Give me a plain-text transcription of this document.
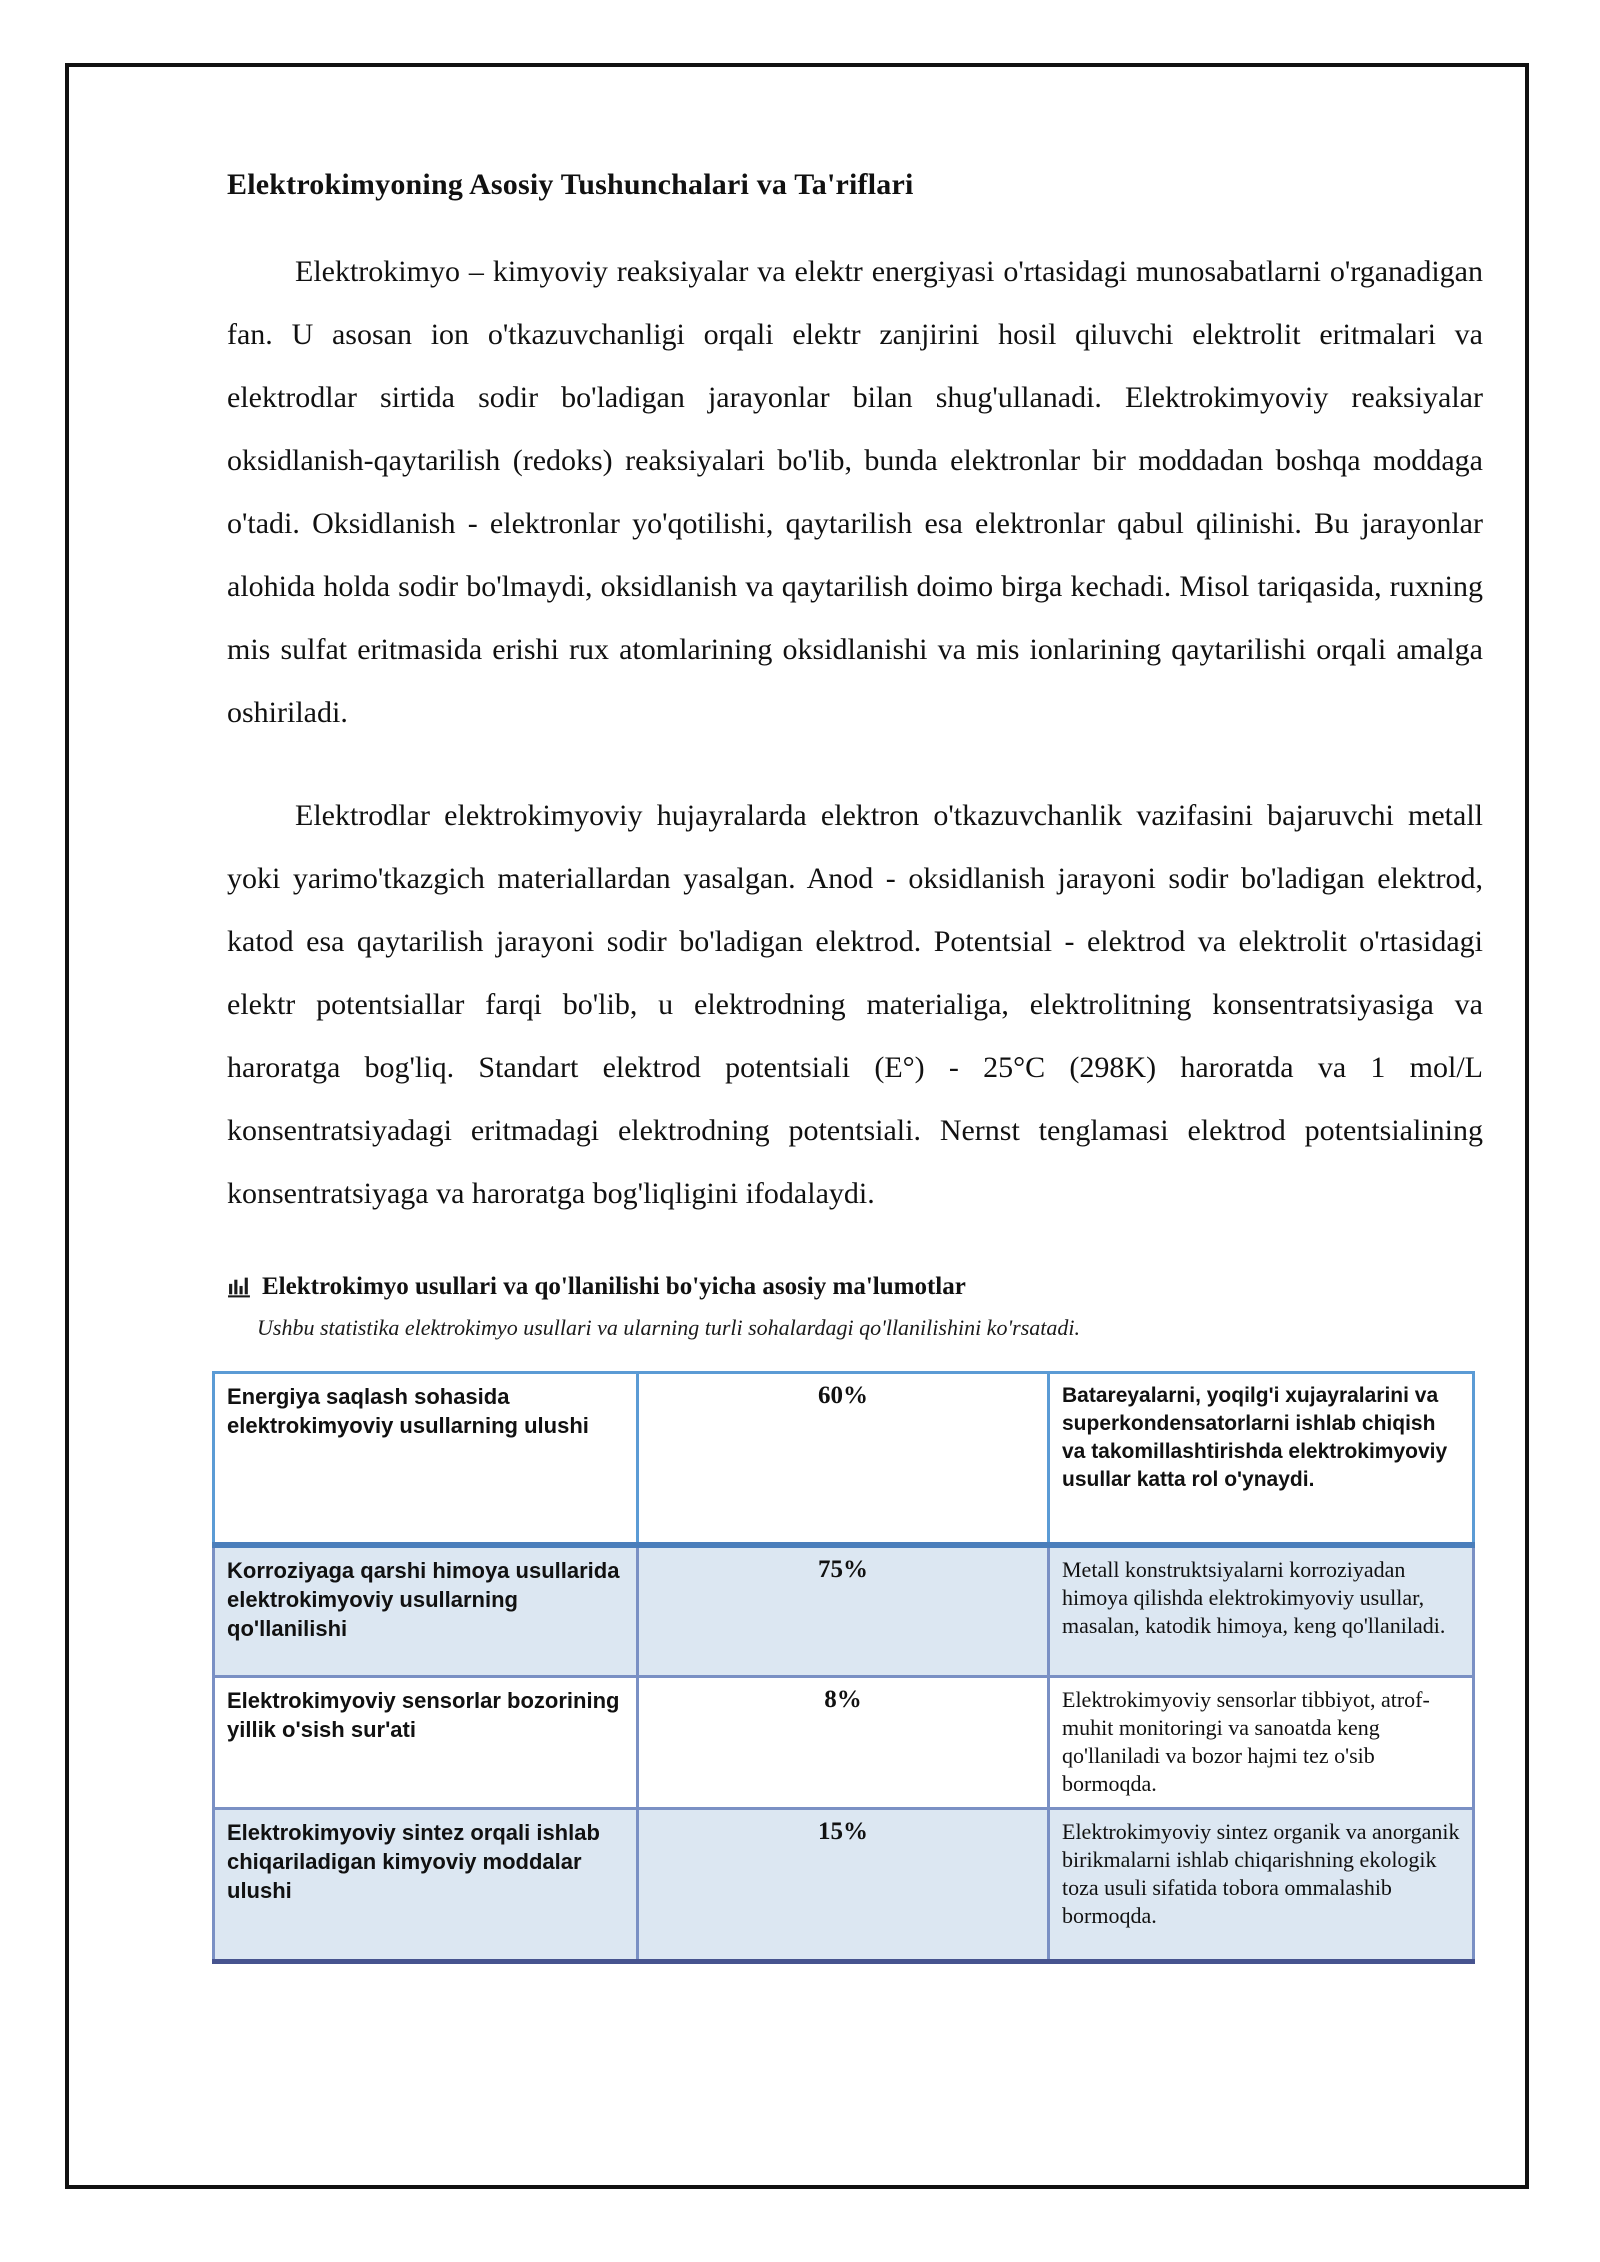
Elektrokimyoning Asosiy Tushunchalari va Ta'riflari

Elektrokimyo – kimyoviy reaksiyalar va elektr energiyasi o'rtasidagi munosabatlarni o'rganadigan fan. U asosan ion o'tkazuvchanligi orqali elektr zanjirini hosil qiluvchi elektrolit eritmalari va elektrodlar sirtida sodir bo'ladigan jarayonlar bilan shug'ullanadi. Elektrokimyoviy reaksiyalar oksidlanish-qaytarilish (redoks) reaksiyalari bo'lib, bunda elektronlar bir moddadan boshqa moddaga o'tadi. Oksidlanish - elektronlar yo'qotilishi, qaytarilish esa elektronlar qabul qilinishi. Bu jarayonlar alohida holda sodir bo'lmaydi, oksidlanish va qaytarilish doimo birga kechadi. Misol tariqasida, ruxning mis sulfat eritmasida erishi rux atomlarining oksidlanishi va mis ionlarining qaytarilishi orqali amalga oshiriladi.

Elektrodlar elektrokimyoviy hujayralarda elektron o'tkazuvchanlik vazifasini bajaruvchi metall yoki yarimo'tkazgich materiallardan yasalgan. Anod - oksidlanish jarayoni sodir bo'ladigan elektrod, katod esa qaytarilish jarayoni sodir bo'ladigan elektrod. Potentsial - elektrod va elektrolit o'rtasidagi elektr potentsiallar farqi bo'lib, u elektrodning materialiga, elektrolitning konsentratsiyasiga va haroratga bog'liq. Standart elektrod potentsiali (E°) - 25°C (298K) haroratda va 1 mol/L konsentratsiyadagi eritmadagi elektrodning potentsiali. Nernst tenglamasi elektrod potentsialining konsentratsiyaga va haroratga bog'liqligini ifodalaydi.

Elektrokimyo usullari va qo'llanilishi bo'yicha asosiy ma'lumotlar
Ushbu statistika elektrokimyo usullari va ularning turli sohalardagi qo'llanilishini ko'rsatadi.
Energiya saqlash sohasida elektrokimyoviy usullarning ulushi	60%	Batareyalarni, yoqilg'i xujayralarini va superkondensatorlarni ishlab chiqish va takomillashtirishda elektrokimyoviy usullar katta rol o'ynaydi.
Korroziyaga qarshi himoya usullarida elektrokimyoviy usullarning qo'llanilishi	75%	Metall konstruktsiyalarni korroziyadan himoya qilishda elektrokimyoviy usullar, masalan, katodik himoya, keng qo'llaniladi.
Elektrokimyoviy sensorlar bozorining yillik o'sish sur'ati	8%	Elektrokimyoviy sensorlar tibbiyot, atrof-muhit monitoringi va sanoatda keng qo'llaniladi va bozor hajmi tez o'sib bormoqda.
Elektrokimyoviy sintez orqali ishlab chiqariladigan kimyoviy moddalar ulushi	15%	Elektrokimyoviy sintez organik va anorganik birikmalarni ishlab chiqarishning ekologik toza usuli sifatida tobora ommalashib bormoqda.
